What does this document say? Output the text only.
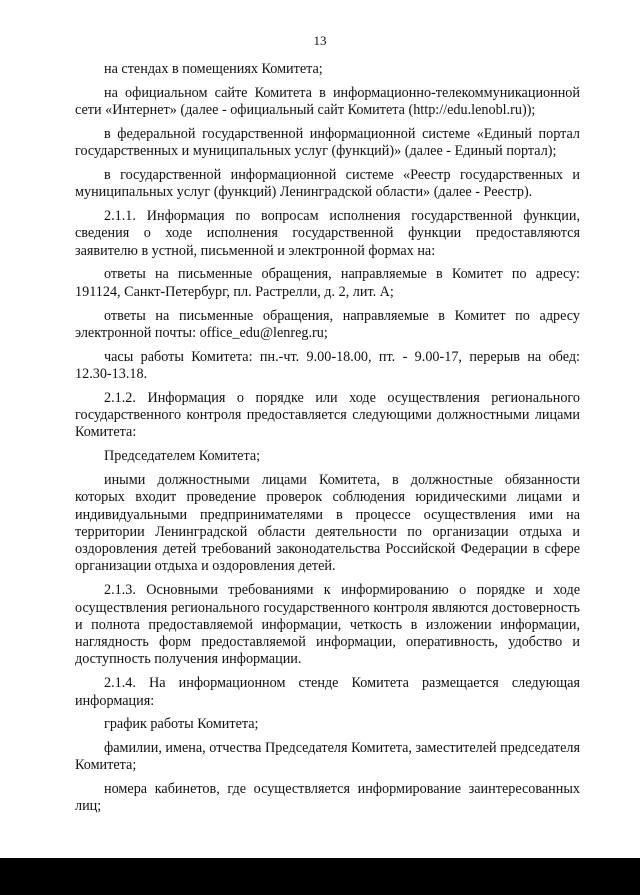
13

на стендах в помещениях Комитета;

на официальном сайте Комитета в информационно-телекоммуникационной сети «Интернет» (далее - официальный сайт Комитета (http://edu.lenobl.ru));

в федеральной государственной информационной системе «Единый портал государственных и муниципальных услуг (функций)» (далее - Единый портал);

в государственной информационной системе «Реестр государственных и муниципальных услуг (функций) Ленинградской области» (далее - Реестр).

2.1.1. Информация по вопросам исполнения государственной функции, сведения о ходе исполнения государственной функции предоставляются заявителю в устной, письменной и электронной формах на:

ответы на письменные обращения, направляемые в Комитет по адресу: 191124, Санкт-Петербург, пл. Растрелли, д. 2, лит. А;

ответы на письменные обращения, направляемые в Комитет по адресу электронной почты: office_edu@lenreg.ru;

часы работы Комитета: пн.-чт. 9.00-18.00, пт. - 9.00-17, перерыв на обед: 12.30-13.18.

2.1.2. Информация о порядке или ходе осуществления регионального государственного контроля предоставляется следующими должностными лицами Комитета:

Председателем Комитета;

иными должностными лицами Комитета, в должностные обязанности которых входит проведение проверок соблюдения юридическими лицами и индивидуальными предпринимателями в процессе осуществления ими на территории Ленинградской области деятельности по организации отдыха и оздоровления детей требований законодательства Российской Федерации в сфере организации отдыха и оздоровления детей.

2.1.3. Основными требованиями к информированию о порядке и ходе осуществления регионального государственного контроля являются достоверность и полнота предоставляемой информации, четкость в изложении информации, наглядность форм предоставляемой информации, оперативность, удобство и доступность получения информации.

2.1.4. На информационном стенде Комитета размещается следующая информация:

график работы Комитета;

фамилии, имена, отчества Председателя Комитета, заместителей председателя Комитета;

номера кабинетов, где осуществляется информирование заинтересованных лиц;
